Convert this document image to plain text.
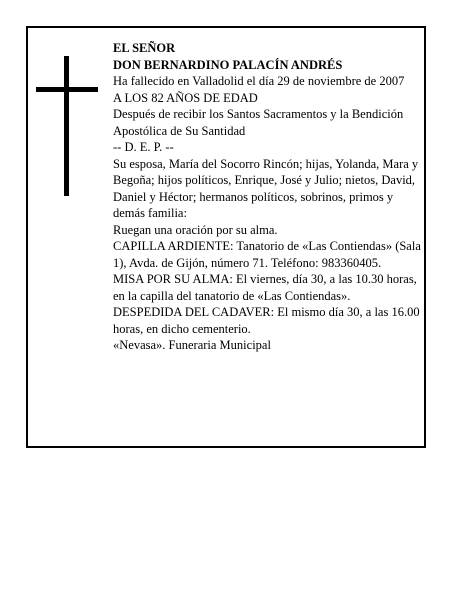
EL SEÑOR
DON BERNARDINO PALACÍN ANDRÉS
Ha fallecido en Valladolid el día 29 de noviembre de 2007
A LOS 82 AÑOS DE EDAD
Después de recibir los Santos Sacramentos y la Bendición Apostólica de Su Santidad
-- D. E. P. --
Su esposa, María del Socorro Rincón; hijas, Yolanda, Mara y Begoña; hijos políticos, Enrique, José y Julio; nietos, David, Daniel y Héctor; hermanos políticos, sobrinos, primos y demás familia:
Ruegan una oración por su alma.
CAPILLA ARDIENTE: Tanatorio de «Las Contiendas» (Sala 1), Avda. de Gijón, número 71. Teléfono: 983360405.
MISA POR SU ALMA: El viernes, día 30, a las 10.30 horas, en la capilla del tanatorio de «Las Contiendas».
DESPEDIDA DEL CADAVER: El mismo día 30, a las 16.00 horas, en dicho cementerio.
«Nevasa». Funeraria Municipal
